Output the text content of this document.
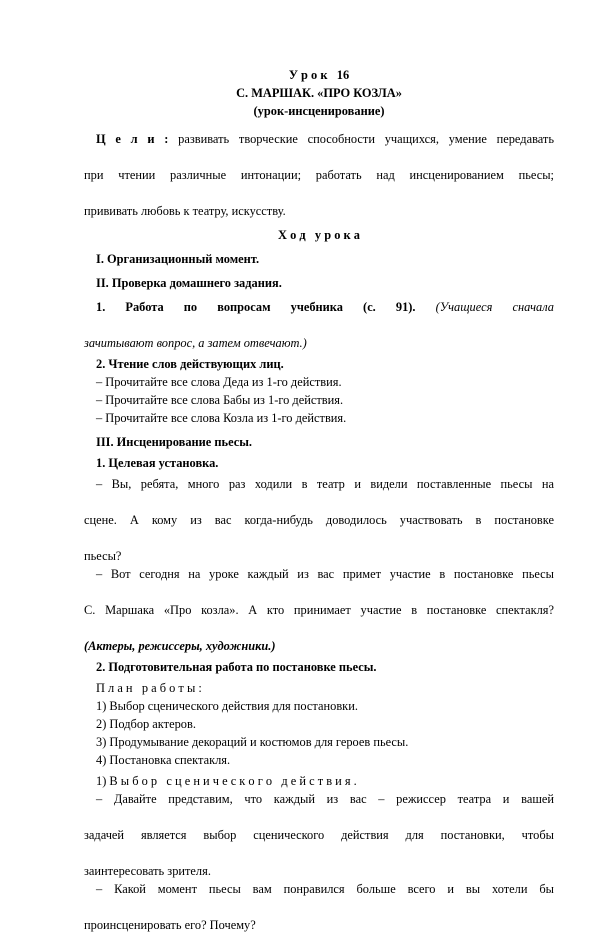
У р о к   16
С. МАРШАК. «ПРО КОЗЛА»
(урок-инсценирование)
Ц е л и : развивать творческие способности учащихся, умение передавать
при чтении различные интонации; работать над инсценированием пьесы;
прививать любовь к театру, искусству.
Х о д   у р о к а
I. Организационный момент.
II. Проверка домашнего задания.
1. Работа по вопросам учебника (с. 91). (Учащиеся сначала
зачитывают вопрос, а затем отвечают.)
2. Чтение слов действующих лиц.
– Прочитайте все слова Деда из 1-го действия.
– Прочитайте все слова Бабы из 1-го действия.
– Прочитайте все слова Козла из 1-го действия.
III. Инсценирование пьесы.
1. Целевая установка.
– Вы, ребята, много раз ходили в театр и видели поставленные пьесы на
сцене. А кому из вас когда-нибудь доводилось участвовать в постановке
пьесы?
– Вот сегодня на уроке каждый из вас примет участие в постановке пьесы
С. Маршака «Про козла». А кто принимает участие в постановке спектакля?
(Актеры, режиссеры, художники.)
2. Подготовительная работа по постановке пьесы.
П л а н   р а б о т ы :
1) Выбор сценического действия для постановки.
2) Подбор актеров.
3) Продумывание декораций и костюмов для героев пьесы.
4) Постановка спектакля.
1) В ы б о р   с ц е н и ч е с к о г о   д е й с т в и я .
– Давайте представим, что каждый из вас – режиссер театра и вашей
задачей является выбор сценического действия для постановки, чтобы
заинтересовать зрителя.
– Какой момент пьесы вам понравился больше всего и вы хотели бы
проинсценировать его? Почему?
